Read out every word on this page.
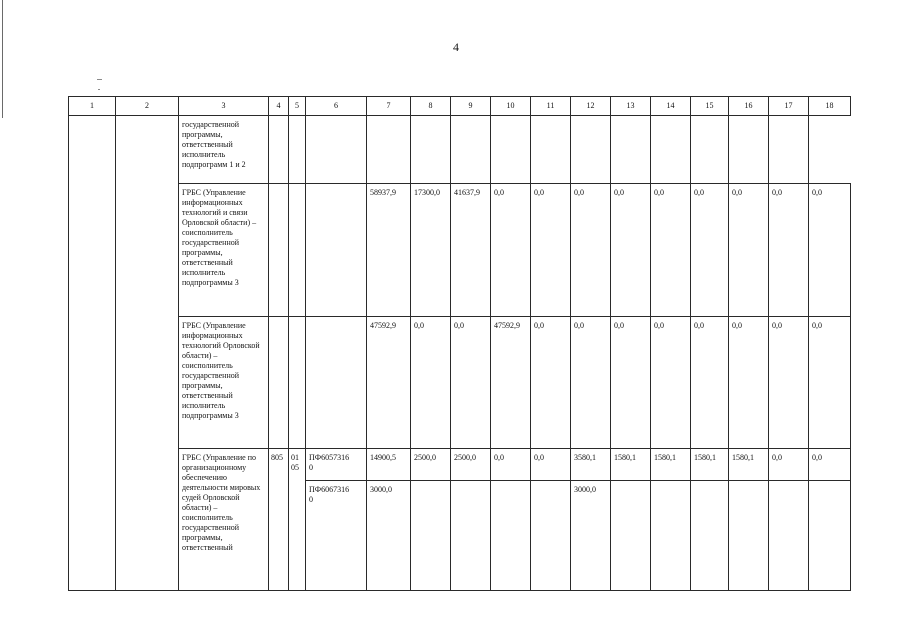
4
1	2	3	4	5	6	7	8	9	10	11	12	13	14	15	16	17	18
		государственной программы, ответственный исполнитель подпрограмм 1 и 2															
		ГРБС (Управление информационных технологий и связи Орловской области) – соисполнитель государственной программы, ответственный исполнитель подпрограммы 3				58937,9	17300,0	41637,9	0,0	0,0	0,0	0,0	0,0	0,0	0,0	0,0	0,0
		ГРБС (Управление информационных технологий Орловской области) – соисполнитель государственной программы, ответственный исполнитель подпрограммы 3				47592,9	0,0	0,0	47592,9	0,0	0,0	0,0	0,0	0,0	0,0	0,0	0,0
		ГРБС (Управление по организационному обеспечению деятельности мировых судей Орловской области) – соисполнитель государственной программы, ответственный	805	01 05	ПФ60573160	14900,5	2500,0	2500,0	0,0	0,0	3580,1	1580,1	1580,1	1580,1	1580,1	0,0	0,0

					ПФ60673160	3000,0					3000,0						
